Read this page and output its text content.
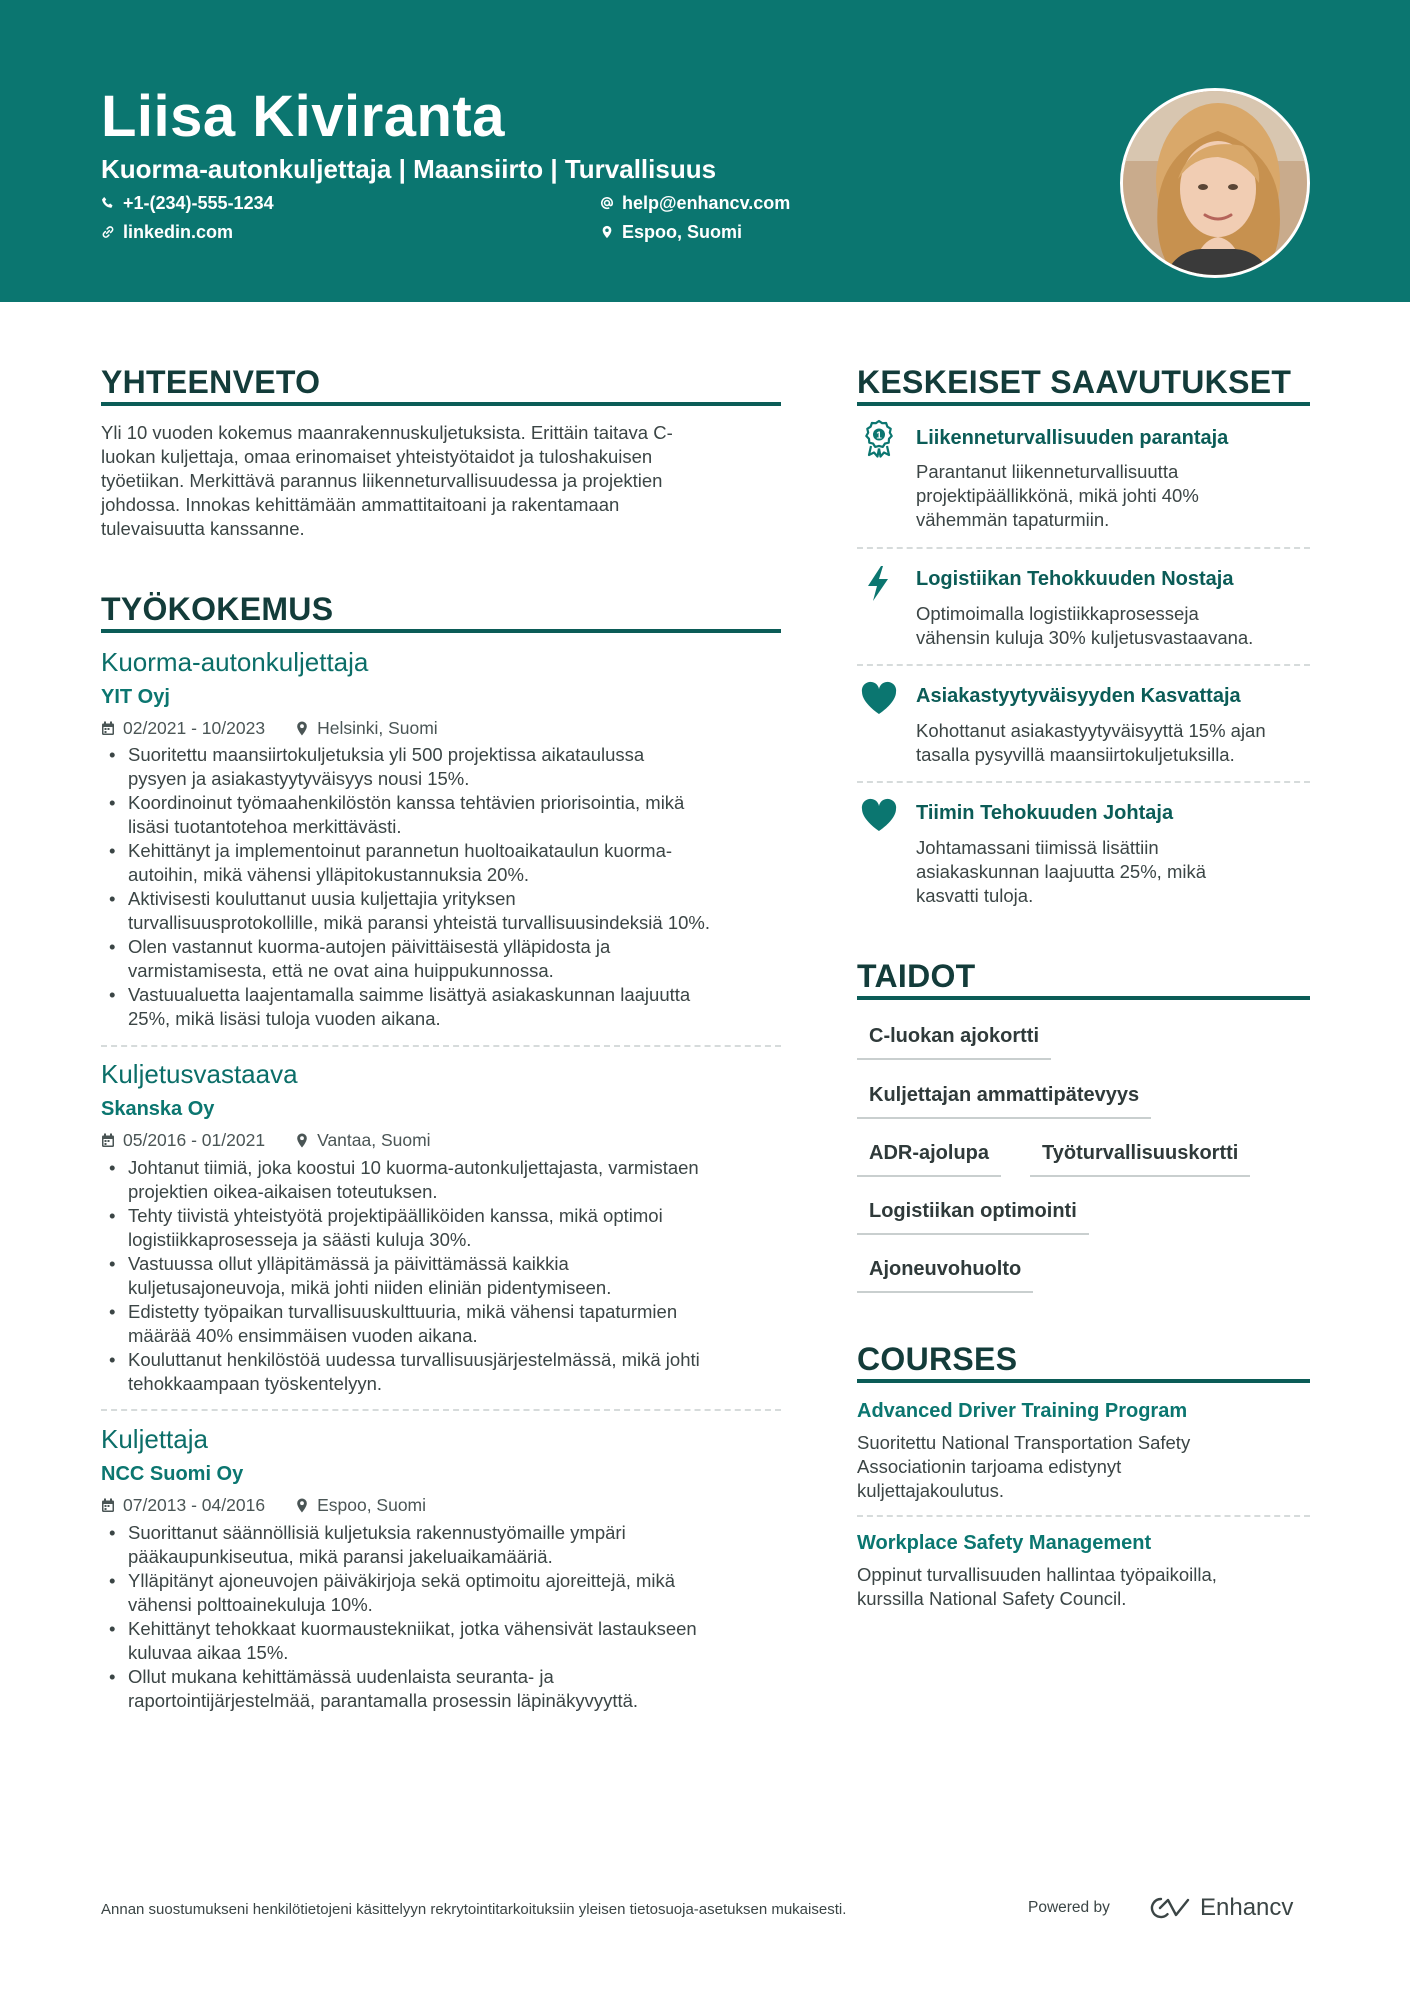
Liisa Kiviranta
Kuorma-autonkuljettaja | Maansiirto | Turvallisuus
+1-(234)-555-1234	help@enhancv.com
linkedin.com	Espoo, Suomi
YHTEENVETO
Yli 10 vuoden kokemus maanrakennuskuljetuksista. Erittäin taitava C-
luokan kuljettaja, omaa erinomaiset yhteistyötaidot ja tuloshakuisen
työetiikan. Merkittävä parannus liikenneturvallisuudessa ja projektien
johdossa. Innokas kehittämään ammattitaitoani ja rakentamaan
tulevaisuutta kanssanne.
TYÖKOKEMUS
Kuorma-autonkuljettaja
YIT Oyj
02/2021 - 10/2023	Helsinki, Suomi
• Suoritettu maansiirtokuljetuksia yli 500 projektissa aikataulussa
pysyen ja asiakastyytyväisyys nousi 15%.
• Koordinoinut työmaahenkilöstön kanssa tehtävien priorisointia, mikä
lisäsi tuotantotehoa merkittävästi.
• Kehittänyt ja implementoinut parannetun huoltoaikataulun kuorma-
autoihin, mikä vähensi ylläpitokustannuksia 20%.
• Aktivisesti kouluttanut uusia kuljettajia yrityksen
turvallisuusprotokollille, mikä paransi yhteistä turvallisuusindeksiä 10%.
• Olen vastannut kuorma-autojen päivittäisestä ylläpidosta ja
varmistamisesta, että ne ovat aina huippukunnossa.
• Vastuualuetta laajentamalla saimme lisättyä asiakaskunnan laajuutta
25%, mikä lisäsi tuloja vuoden aikana.
Kuljetusvastaava
Skanska Oy
05/2016 - 01/2021	Vantaa, Suomi
• Johtanut tiimiä, joka koostui 10 kuorma-autonkuljettajasta, varmistaen
projektien oikea-aikaisen toteutuksen.
• Tehty tiivistä yhteistyötä projektipäälliköiden kanssa, mikä optimoi
logistiikkaprosesseja ja säästi kuluja 30%.
• Vastuussa ollut ylläpitämässä ja päivittämässä kaikkia
kuljetusajoneuvoja, mikä johti niiden eliniän pidentymiseen.
• Edistetty työpaikan turvallisuuskulttuuria, mikä vähensi tapaturmien
määrää 40% ensimmäisen vuoden aikana.
• Kouluttanut henkilöstöä uudessa turvallisuusjärjestelmässä, mikä johti
tehokkaampaan työskentelyyn.
Kuljettaja
NCC Suomi Oy
07/2013 - 04/2016	Espoo, Suomi
• Suorittanut säännöllisiä kuljetuksia rakennustyömaille ympäri
pääkaupunkiseutua, mikä paransi jakeluaikamääriä.
• Ylläpitänyt ajoneuvojen päiväkirjoja sekä optimoitu ajoreittejä, mikä
vähensi polttoainekuluja 10%.
• Kehittänyt tehokkaat kuormaustekniikat, jotka vähensivät lastaukseen
kuluvaa aikaa 15%.
• Ollut mukana kehittämässä uudenlaista seuranta- ja
raportointijärjestelmää, parantamalla prosessin läpinäkyvyyttä.
KESKEISET SAAVUTUKSET
1 Liikenneturvallisuuden parantaja
Parantanut liikenneturvallisuutta
projektipäällikkönä, mikä johti 40%
vähemmän tapaturmiin.
Logistiikan Tehokkuuden Nostaja
Optimoimalla logistiikkaprosesseja
vähensin kuluja 30% kuljetusvastaavana.
Asiakastyytyväisyyden Kasvattaja
Kohottanut asiakastyytyväisyyttä 15% ajan
tasalla pysyvillä maansiirtokuljetuksilla.
Tiimin Tehokuuden Johtaja
Johtamassani tiimissä lisättiin
asiakaskunnan laajuutta 25%, mikä
kasvatti tuloja.
TAIDOT
C-luokan ajokortti
Kuljettajan ammattipätevyys
ADR-ajolupa	Työturvallisuuskortti
Logistiikan optimointi
Ajoneuvohuolto
COURSES
Advanced Driver Training Program
Suoritettu National Transportation Safety
Associationin tarjoama edistynyt
kuljettajakoulutus.
Workplace Safety Management
Oppinut turvallisuuden hallintaa työpaikoilla,
kurssilla National Safety Council.
Annan suostumukseni henkilötietojeni käsittelyyn rekrytointitarkoituksiin yleisen tietosuoja-asetuksen mukaisesti.	Powered by	Enhancv
